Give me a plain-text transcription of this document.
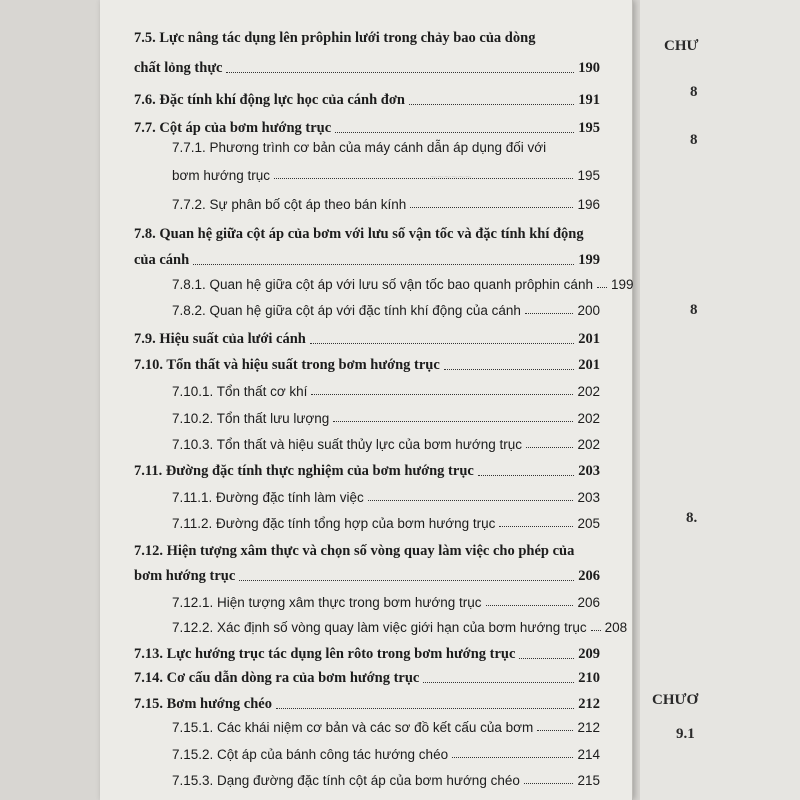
~~~~~~
7.5. Lực nâng tác dụng lên prôphin lưới trong chảy bao của dòng
chất lỏng thực	190
7.6. Đặc tính khí động lực học của cánh đơn	191
7.7. Cột áp của bơm hướng trục	195
7.7.1. Phương trình cơ bản của máy cánh dẫn áp dụng đối với
bơm hướng trục	195
7.7.2. Sự phân bố cột áp theo bán kính	196
7.8. Quan hệ giữa cột áp của bơm với lưu số vận tốc và đặc tính khí động
của cánh	199
7.8.1. Quan hệ giữa cột áp với lưu số vận tốc bao quanh prôphin cánh 199
7.8.2. Quan hệ giữa cột áp với đặc tính khí động của cánh	200
7.9. Hiệu suất của lưới cánh	201
7.10. Tổn thất và hiệu suất trong bơm hướng trục	201
7.10.1. Tổn thất cơ khí	202
7.10.2. Tổn thất lưu lượng	202
7.10.3. Tổn thất và hiệu suất thủy lực của bơm hướng trục	202
7.11. Đường đặc tính thực nghiệm của bơm hướng trục	203
7.11.1. Đường đặc tính làm việc	203
7.11.2. Đường đặc tính tổng hợp của bơm hướng trục	205
7.12. Hiện tượng xâm thực và chọn số vòng quay làm việc cho phép của
bơm hướng trục	206
7.12.1. Hiện tượng xâm thực trong bơm hướng trục	206
7.12.2. Xác định số vòng quay làm việc giới hạn của bơm hướng trục 208
7.13. Lực hướng trục tác dụng lên rôto trong bơm hướng trục	209
7.14. Cơ cấu dẫn dòng ra của bơm hướng trục	210
7.15. Bơm hướng chéo	212
7.15.1. Các khái niệm cơ bản và các sơ đồ kết cấu của bơm	212
7.15.2. Cột áp của bánh công tác hướng chéo	214
7.15.3. Dạng đường đặc tính cột áp của bơm hướng chéo	215
CHƯ
8
8
8
8.
CHƯƠ
9.1
